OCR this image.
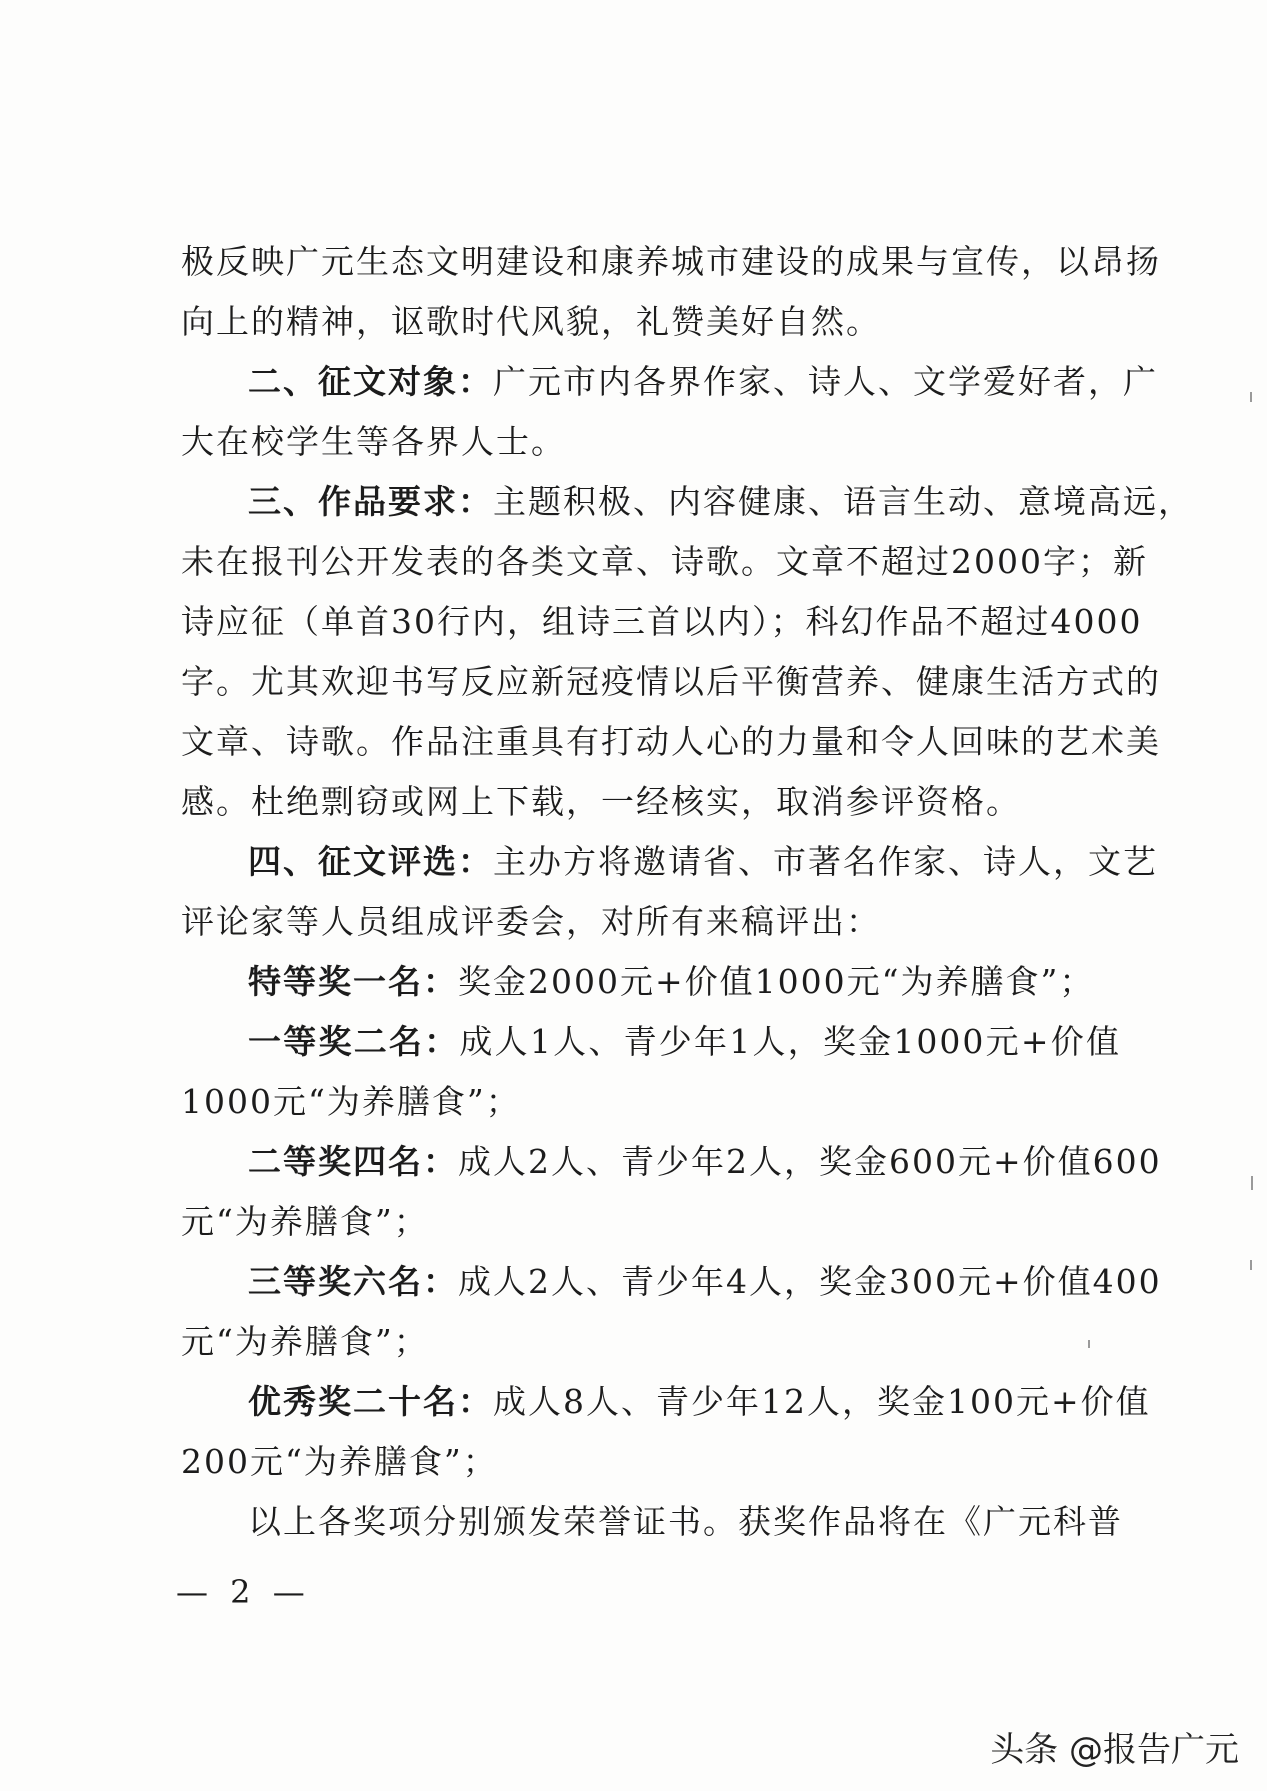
极反映广元生态文明建设和康养城市建设的成果与宣传，以昂扬
向上的精神，讴歌时代风貌，礼赞美好自然。
二、征文对象：广元市内各界作家、诗人、文学爱好者，广
大在校学生等各界人士。
三、作品要求：主题积极、内容健康、语言生动、意境高远，
未在报刊公开发表的各类文章、诗歌。文章不超过2000字；新
诗应征（单首30行内，组诗三首以内）；科幻作品不超过4000
字。尤其欢迎书写反应新冠疫情以后平衡营养、健康生活方式的
文章、诗歌。作品注重具有打动人心的力量和令人回味的艺术美
感。杜绝剽窃或网上下载，一经核实，取消参评资格。
四、征文评选：主办方将邀请省、市著名作家、诗人，文艺
评论家等人员组成评委会，对所有来稿评出：
特等奖一名：奖金2000元+价值1000元“为养膳食”；
一等奖二名：成人1人、青少年1人，奖金1000元+价值
1000元“为养膳食”；
二等奖四名：成人2人、青少年2人，奖金600元+价值600
元“为养膳食”；
三等奖六名：成人2人、青少年4人，奖金300元+价值400
元“为养膳食”；
优秀奖二十名：成人8人、青少年12人，奖金100元+价值
200元“为养膳食”；
以上各奖项分别颁发荣誉证书。获奖作品将在《广元科普
— 2 —
头条 @报告广元
